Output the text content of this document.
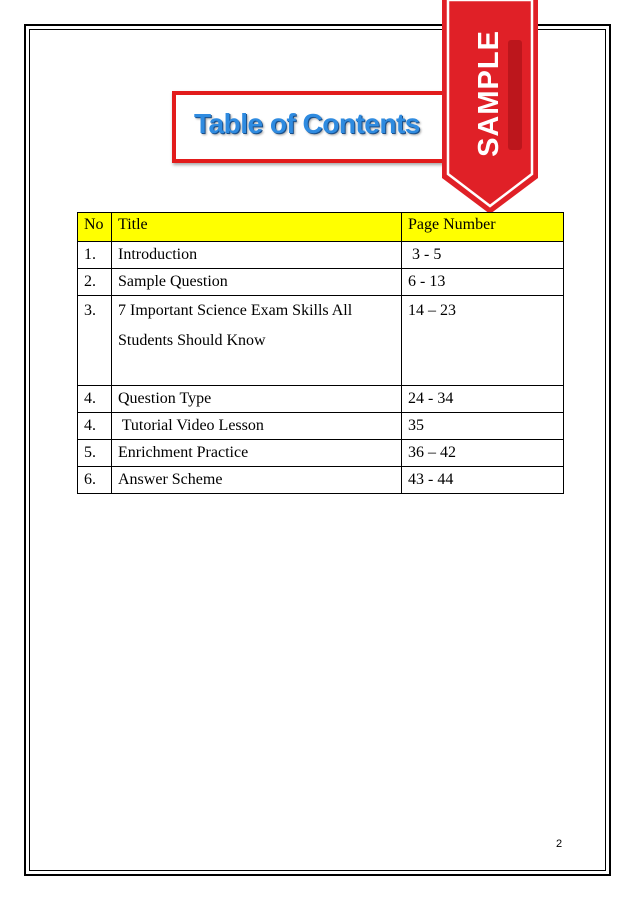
Table of Contents SAMPLE
No	Title	Page Number
1.	Introduction	3 - 5
2.	Sample Question	6 - 13
3.	7 Important Science Exam Skills All Students Should Know	14 – 23
4.	Question Type	24 - 34
4.	Tutorial Video Lesson	35
5.	Enrichment Practice	36 – 42
6.	Answer Scheme	43 - 44
2
